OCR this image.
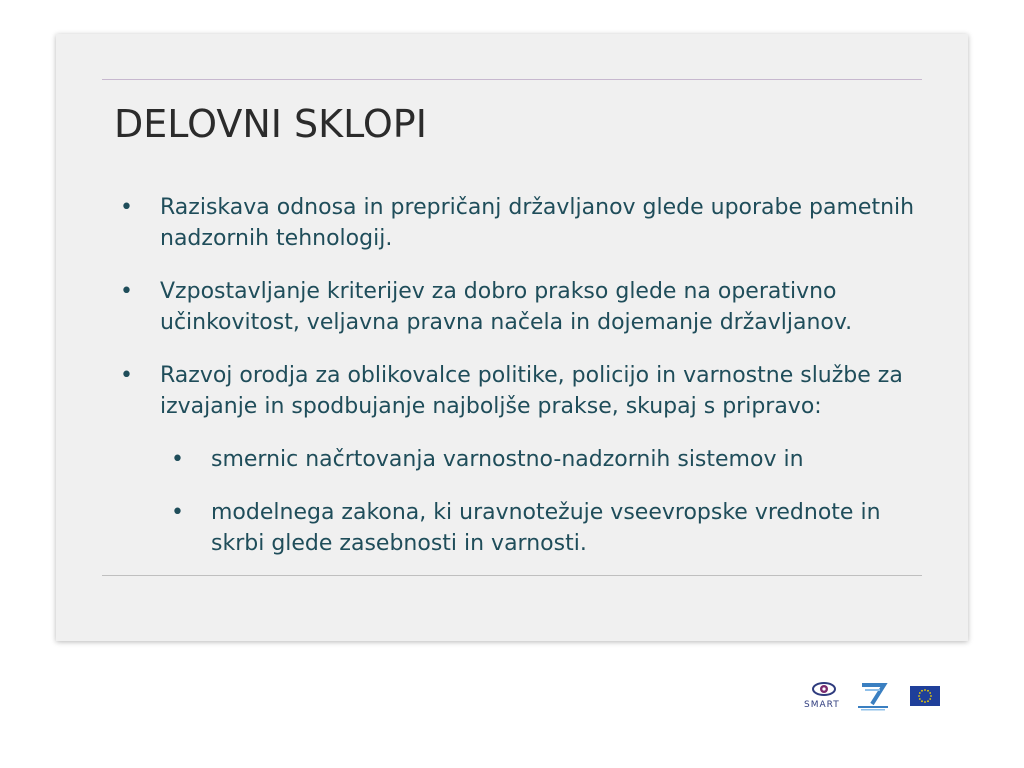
DELOVNI SKLOPI
•	Raziskava odnosa in prepričanj državljanov glede uporabe pametnih nadzornih tehnologij.
•	Vzpostavljanje kriterijev za dobro prakso glede na operativno učinkovitost, veljavna pravna načela in dojemanje državljanov.
•	Razvoj orodja za oblikovalce politike, policijo in varnostne službe za izvajanje in spodbujanje najboljše prakse, skupaj s pripravo:
•	smernic načrtovanja varnostno-nadzornih sistemov in
•	modelnega zakona, ki uravnotežuje vseevropske vrednote in skrbi glede zasebnosti in varnosti.
SMART
